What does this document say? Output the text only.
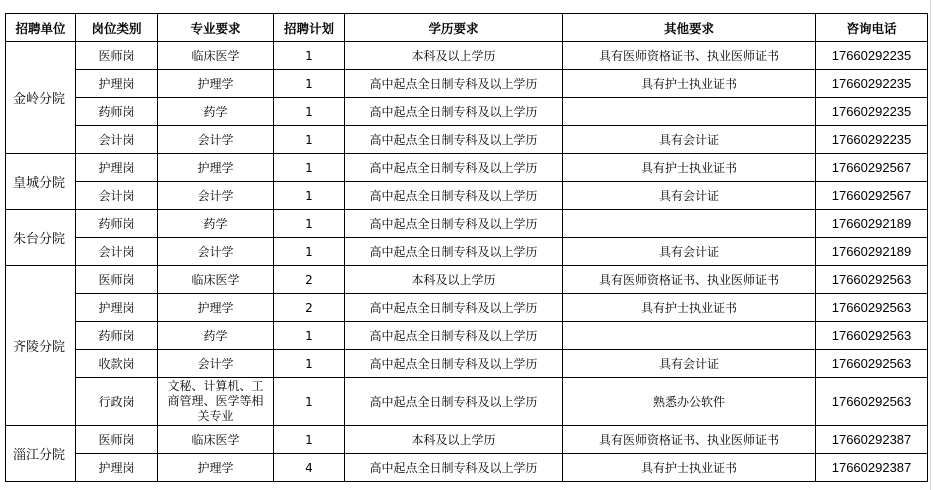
招聘单位	岗位类别	专业要求	招聘计划	学历要求	其他要求	咨询电话
金岭分院	医师岗	临床医学	1	本科及以上学历	具有医师资格证书、执业医师证书	17660292235
	护理岗	护理学	1	高中起点全日制专科及以上学历	具有护士执业证书	17660292235
	药师岗	药学	1	高中起点全日制专科及以上学历		17660292235
	会计岗	会计学	1	高中起点全日制专科及以上学历	具有会计证	17660292235
皇城分院	护理岗	护理学	1	高中起点全日制专科及以上学历	具有护士执业证书	17660292567
	会计岗	会计学	1	高中起点全日制专科及以上学历	具有会计证	17660292567
朱台分院	药师岗	药学	1	高中起点全日制专科及以上学历		17660292189
	会计岗	会计学	1	高中起点全日制专科及以上学历	具有会计证	17660292189
齐陵分院	医师岗	临床医学	2	本科及以上学历	具有医师资格证书、执业医师证书	17660292563
	护理岗	护理学	2	高中起点全日制专科及以上学历	具有护士执业证书	17660292563
	药师岗	药学	1	高中起点全日制专科及以上学历		17660292563
	收款岗	会计学	1	高中起点全日制专科及以上学历	具有会计证	17660292563
	行政岗	文秘、计算机、工商管理、医学等相关专业	1	高中起点全日制专科及以上学历	熟悉办公软件	17660292563
淄江分院	医师岗	临床医学	1	本科及以上学历	具有医师资格证书、执业医师证书	17660292387
	护理岗	护理学	4	高中起点全日制专科及以上学历	具有护士执业证书	17660292387
